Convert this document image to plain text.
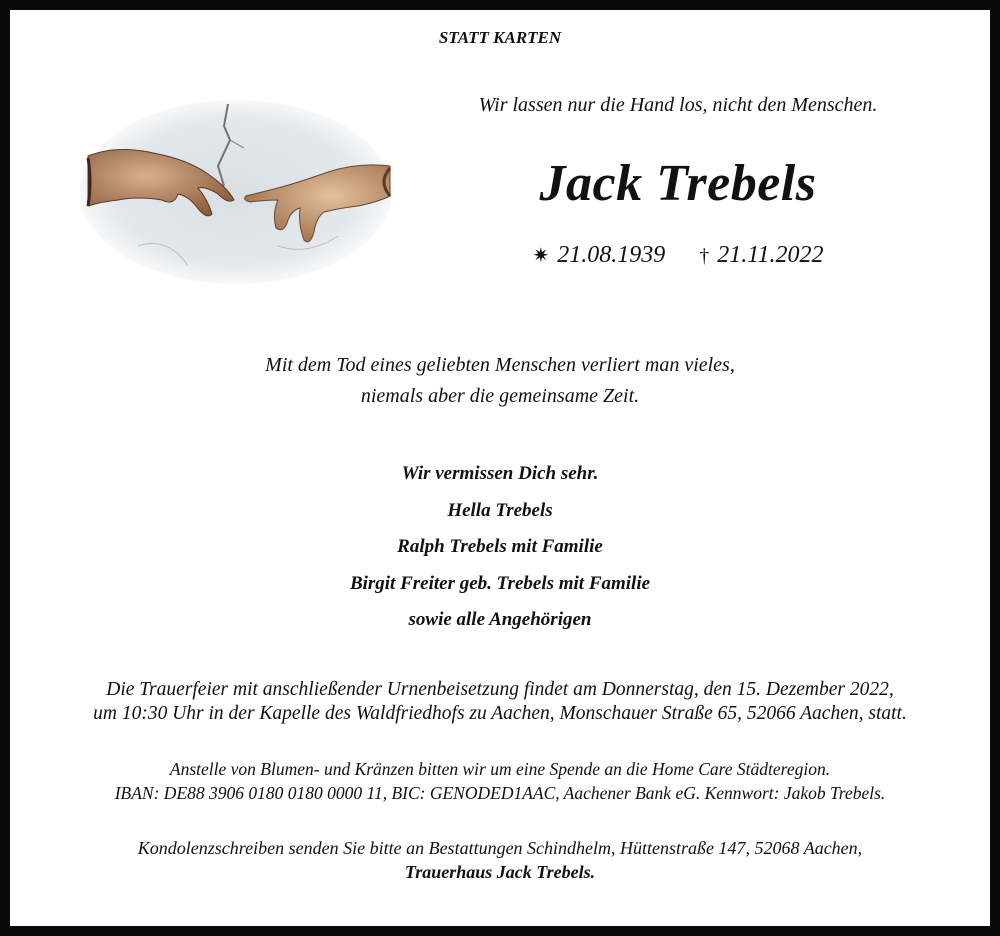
STATT KARTEN
Wir lassen nur die Hand los, nicht den Menschen.
Jack Trebels
✷ 21.08.1939 † 21.11.2022
Mit dem Tod eines geliebten Menschen verliert man vieles,
niemals aber die gemeinsame Zeit.
Wir vermissen Dich sehr.
Hella Trebels
Ralph Trebels mit Familie
Birgit Freiter geb. Trebels mit Familie
sowie alle Angehörigen
Die Trauerfeier mit anschließender Urnenbeisetzung findet am Donnerstag, den 15. Dezember 2022,
um 10:30 Uhr in der Kapelle des Waldfriedhofs zu Aachen, Monschauer Straße 65, 52066 Aachen, statt.
Anstelle von Blumen- und Kränzen bitten wir um eine Spende an die Home Care Städteregion.
IBAN: DE88 3906 0180 0180 0000 11, BIC: GENODED1AAC, Aachener Bank eG. Kennwort: Jakob Trebels.
Kondolenzschreiben senden Sie bitte an Bestattungen Schindhelm, Hüttenstraße 147, 52068 Aachen,
Trauerhaus Jack Trebels.
